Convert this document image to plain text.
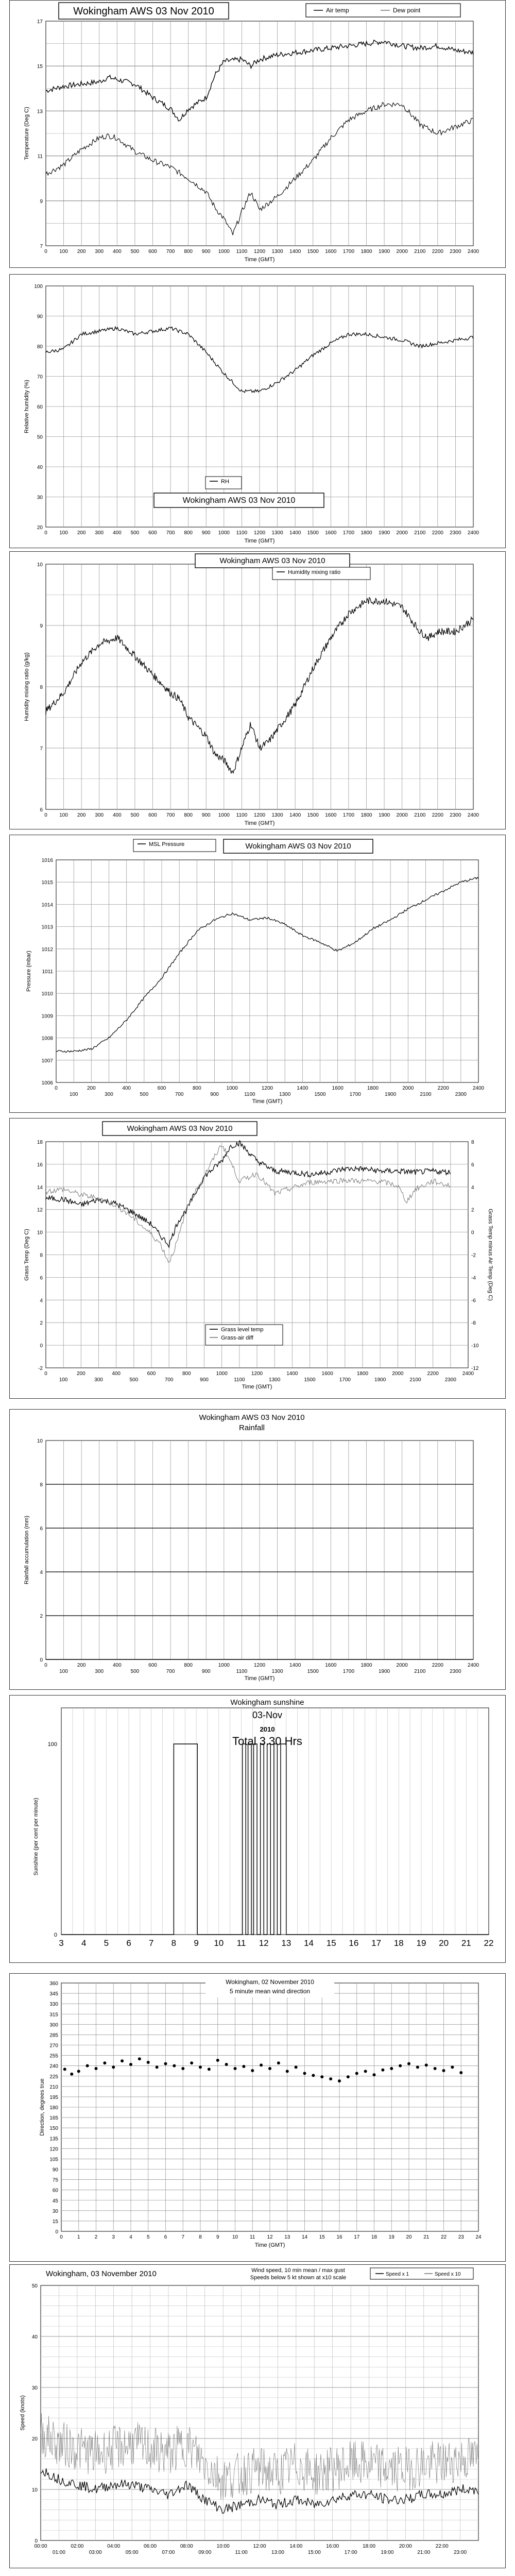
0 100 200 300 400 500 600 700 800 900 1000 1100 1200 1300 1400 1500 1600 1700 1800 1900 2000 2100 2200 2300 2400
7
9
11
13
15
17
Time (GMT)
Temperature (Deg C)
Wokingham AWS 03 Nov 2010	Air temp	Dew point
0 100 200 300 400 500 600 700 800 900 1000 1100 1200 1300 1400 1500 1600 1700 1800 1900 2000 2100 2200 2300 2400
20
30
40
50
60
70
80
90
100
Time (GMT)
Relative humidity (%)
RH
Wokingham AWS 03 Nov 2010
0 100 200 300 400 500 600 700 800 900 1000 1100 1200 1300 1400 1500 1600 1700 1800 1900 2000 2100 2200 2300 2400
6
7
8
9
10
Time (GMT)
Humidity mixing ratio (g/kg)
Wokingham AWS 03 Nov 2010
Humidity mixing ratio
0
100
200
300
400
500
600
700
800
900
1000
1100
1200
1300
1400
1500
1600
1700
1800
1900
2000
2100
2200
2300
2400
1006
1007
1008
1009
1010
1011
1012
1013
1014
1015
1016
Time (GMT)
Pressure (mbar)
MSL Pressure	Wokingham AWS 03 Nov 2010
0
100
200
300
400
500
600
700
800
900
1000
1100
1200
1300
1400
1500
1600
1700
1800
1900
2000
2100
2200
2300
2400
-2
0
2
4
6
8
10
12
14
16
18
Time (GMT)
Grass Temp (Deg C)
-12
-10
-8
-6
-4
-2
0
2
4
6
8
Grass Temp minus Air Temp (Deg C)
Wokingham AWS 03 Nov 2010
Grass level temp
Grass-air diff
0
100
200
300
400
500
600
700
800
900
1000
1100
1200
1300
1400
1500
1600
1700
1800
1900
2000
2100
2200
2300
2400
0
2
4
6
8
10
Time (GMT)
Rainfall accumulation (mm)
Wokingham AWS 03 Nov 2010
Rainfall
3 4 5 6 7 8 9 10 11 12 13 14 15 16 17 18 19 20 21 22
0
100
Sunshine (per cent per minute)
Wokingham sunshine
03-Nov
2010
Total 3.30 Hrs
0	1	2	3	4	5	6	7	8	9	10 11 12 13 14 15 16 17 18 19 20 21 22 23 24
0
15
30
45
60
75
90
105
120
135
150
165
180
195
210
225
240
255
270
285
300
315
330
345
360
Time (GMT)
Direction, degrees true
Wokingham, 02 November 2010
5 minute mean wind direction
00:00
01:00
02:00
03:00
04:00
05:00
06:00
07:00
08:00
09:00
10:00
11:00
12:00
13:00
14:00
15:00
16:00
17:00
18:00
19:00
20:00
21:00
22:00
23:00
0
10
20
30
40
50
Speed (knots)
Wokingham, 03 November 2010	Wind speed, 10 min mean / max gust
Speeds below 5 kt shown at x10 scale
Speed x 1	Speed x 10
